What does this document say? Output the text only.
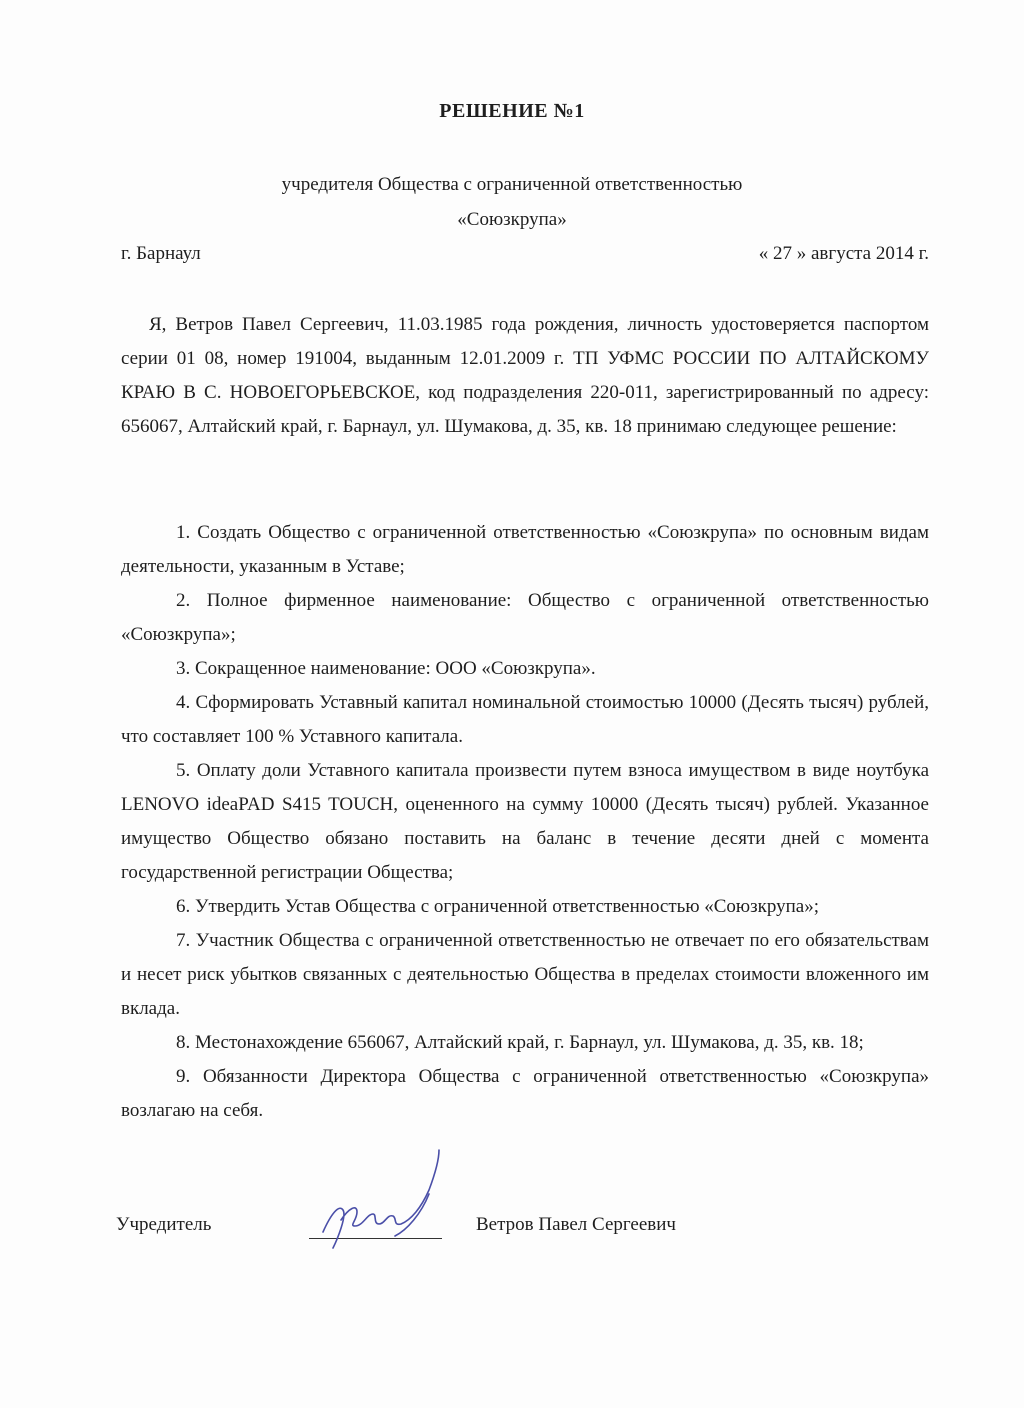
РЕШЕНИЕ №1
учредителя Общества с ограниченной ответственностью
«Союзкрупа»
г. Барнаул	« 27 » августа 2014 г.
Я, Ветров Павел Сергеевич, 11.03.1985 года рождения, личность удостоверяется паспортом серии 01 08, номер 191004, выданным 12.01.2009 г. ТП УФМС РОССИИ ПО АЛТАЙСКОМУ КРАЮ В С. НОВОЕГОРЬЕВСКОЕ, код подразделения 220-011, зарегистрированный по адресу: 656067, Алтайский край, г. Барнаул, ул. Шумакова, д. 35, кв. 18 принимаю следующее решение:

1. Создать Общество с ограниченной ответственностью «Союзкрупа» по основным видам деятельности, указанным в Уставе;

2. Полное фирменное наименование: Общество с ограниченной ответственностью «Союзкрупа»;

3. Сокращенное наименование: ООО «Союзкрупа».

4. Сформировать Уставный капитал номинальной стоимостью 10000 (Десять тысяч) рублей, что составляет 100 % Уставного капитала.

5. Оплату доли Уставного капитала произвести путем взноса имуществом в виде ноутбука LENOVO ideaPAD S415 TOUCH, оцененного на сумму 10000 (Десять тысяч) рублей. Указанное имущество Общество обязано поставить на баланс в течение десяти дней с момента государственной регистрации Общества;

6. Утвердить Устав Общества с ограниченной ответственностью «Союзкрупа»;

7. Участник Общества с ограниченной ответственностью не отвечает по его обязательствам и несет риск убытков связанных с деятельностью Общества в пределах стоимости вложенного им вклада.

8. Местонахождение 656067, Алтайский край, г. Барнаул, ул. Шумакова, д. 35, кв. 18;

9. Обязанности Директора Общества с ограниченной ответственностью «Союзкрупа» возлагаю на себя.

Учредитель	Ветров Павел Сергеевич
